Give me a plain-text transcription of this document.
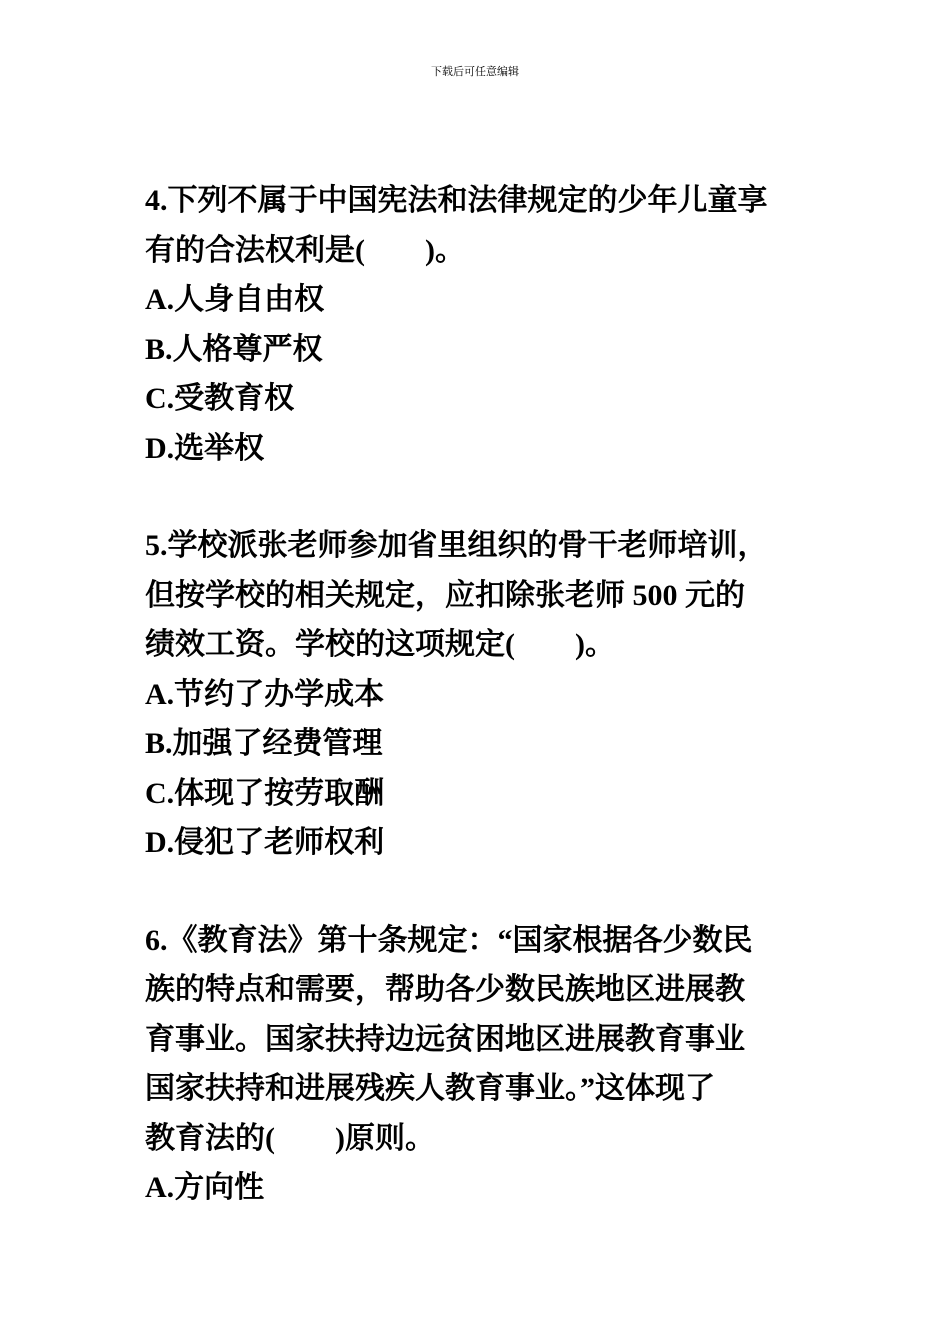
下载后可任意编辑
4.下列不属于中国宪法和法律规定的少年儿童享
有的合法权利是(　　)。
A.人身自由权
B.人格尊严权
C.受教育权
D.选举权
5.学校派张老师参加省里组织的骨干老师培训，
但按学校的相关规定，应扣除张老师 500 元的
绩效工资。学校的这项规定(　　)。
A.节约了办学成本
B.加强了经费管理
C.体现了按劳取酬
D.侵犯了老师权利
6.《教育法》第十条规定：“国家根据各少数民
族的特点和需要，帮助各少数民族地区进展教
育事业。国家扶持边远贫困地区进展教育事业
国家扶持和进展残疾人教育事业。”这体现了
教育法的(　　)原则。
A.方向性
